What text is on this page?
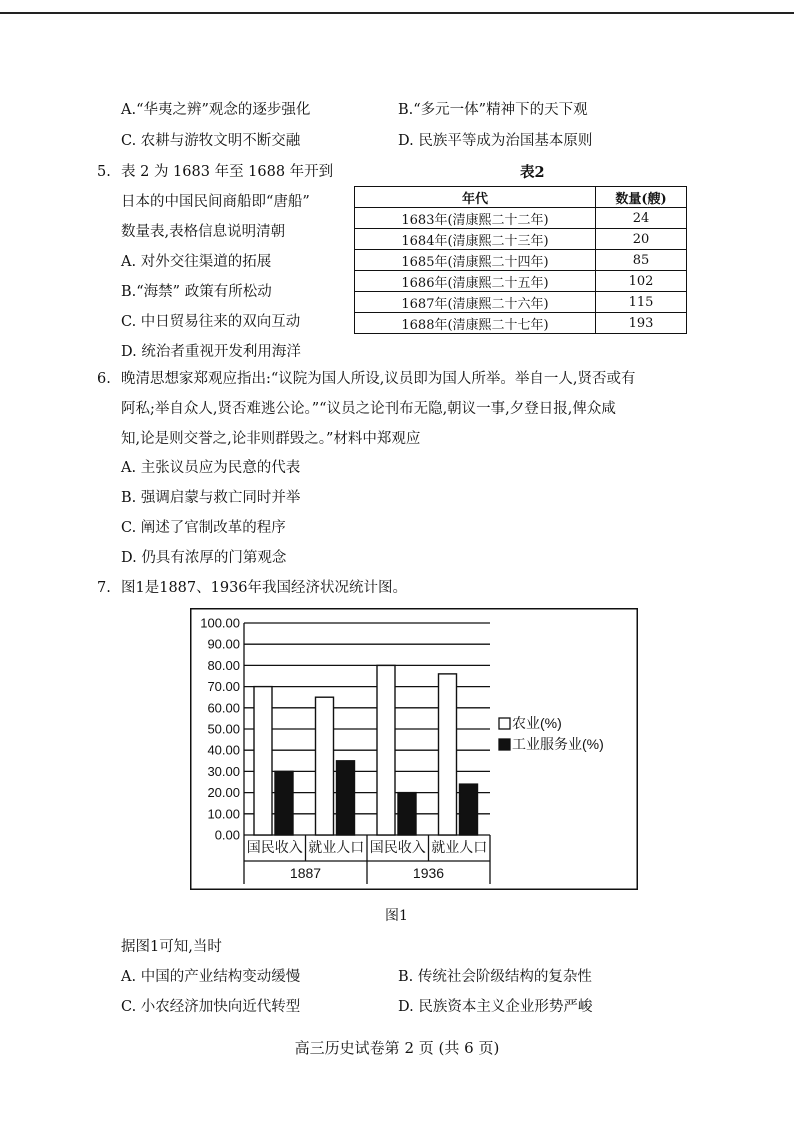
A.“华夷之辨”观念的逐步强化	B.“多元一体”精神下的天下观
C. 农耕与游牧文明不断交融	D. 民族平等成为治国基本原则
5. 表 2 为 1683 年至 1688 年开到
日本的中国民间商船即“唐船”
数量表,表格信息说明清朝
A. 对外交往渠道的拓展
B.“海禁” 政策有所松动
C. 中日贸易往来的双向互动
D. 统治者重视开发利用海洋
表2
年代	数量(艘)
1683年(清康熙二十二年)	24
1684年(清康熙二十三年)	20
1685年(清康熙二十四年)	85
1686年(清康熙二十五年)	102
1687年(清康熙二十六年)	115
1688年(清康熙二十七年)	193
6. 晚清思想家郑观应指出:“议院为国人所设,议员即为国人所举。举自一人,贤否或有
阿私;举自众人,贤否难逃公论。”“议员之论刊布无隐,朝议一事,夕登日报,俾众咸
知,论是则交誉之,论非则群毁之。”材料中郑观应
A. 主张议员应为民意的代表
B. 强调启蒙与救亡同时并举
C. 阐述了官制改革的程序
D. 仍具有浓厚的门第观念
7. 图1是1887、1936年我国经济状况统计图。
0.00
10.00
20.00
30.00
40.00
50.00
60.00
70.00
80.00
90.00
100.00
国民收入 就业人口 国民收入 就业人口
1887	1936
农业(%)
工业服务业(%)
图1
据图1可知,当时
A. 中国的产业结构变动缓慢	B. 传统社会阶级结构的复杂性
C. 小农经济加快向近代转型	D. 民族资本主义企业形势严峻
高三历史试卷第 2 页 (共 6 页)
